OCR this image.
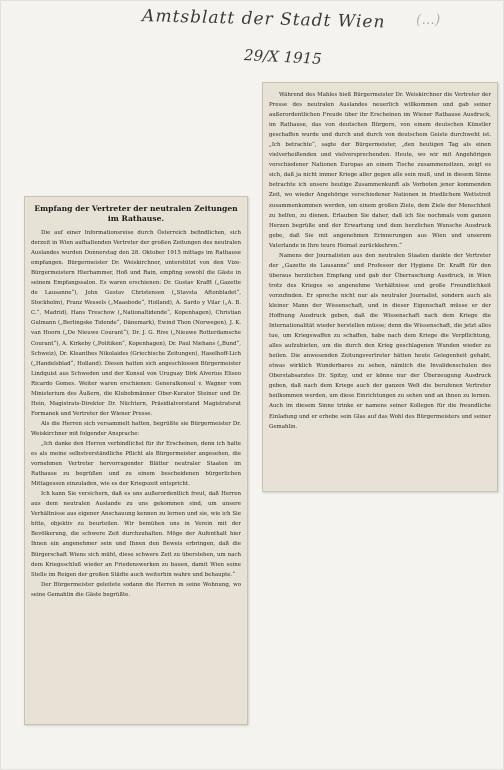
Amtsblatt der Stadt Wien	(...)
29/X 1915
Empfang der Vertreter der neutralen Zeitungen im Rathause.

Die auf einer Informationsreise durch Österreich befindlichen, sich derzeit in Wien aufhaltenden Vertreter der großen Zeitungen des neutralen Auslandes wurden Donnerstag den 28. Oktober 1915 mittags im Rathause empfangen. Bürgermeister Dr. Weiskirchner, unterstützt von den Vize-Bürgermeistern Hierhammer, Hoß und Rain, empfing sowohl die Gäste in seinem Empfangssalon. Es waren erschienen: Dr. Gustav Krafft („Gazette de Lausanne“), John Gustav Christensen („Stavsta Aftonbladet“, Stockholm), Franz Wessels („Maasbode“, Holland), A. Sardo y Vilar („A. B. C.“, Madrid), Hans Treschow („Nationaltidende“, Kopenhagen), Christian Gulmann („Berlingske Tidende“, Dänemark), Ewind Thon (Norwegen), J. K. van Hoorn („De Nieuwe Courant“), Dr. J. G. Rive („Nieuwe Rotterdamsche Courant“), A. Kirkeby („Politiken“, Kopenhagen), Dr. Paul Niehans („Bund“, Schweiz), Dr. Kleanthes Nikolaides (Griechische Zeitungen), Haselhoff-Lich („Handelsblad“, Holland). Diesen hatten sich angeschlossen Bürgermeister Lindquist aus Schweden und der Konsul von Uruguay Dirk Alverius Eliseo Ricardo Gomes. Weiter waren erschienen: Generalkonsul v. Wagner vom Ministerium des Äußern, die Klubobmänner Ober-Kurator Steiner und Dr. Hein, Magistrats-Direktor Dr. Nüchtern, Präsidialvorstand Magistratsrat Formanek und Vertreter der Wiener Presse.

Als die Herren sich versammelt hatten, begrüßte sie Bürgermeister Dr. Weiskirchner mit folgender Ansprache:

„Ich danke den Herren verbindlichst für ihr Erscheinen, denn ich halte es als meine selbstverständliche Pflicht als Bürgermeister angesehen, die vornehmen Vertreter hervorragender Blätter neutraler Staaten im Rathause zu begrüßen und zu einem bescheidenen bürgerlichen Mittagessen einzuladen, wie es der Kriegszeit entspricht.

Ich kann Sie versichern, daß es uns außerordentlich freut, daß Herren aus dem neutralen Auslande zu uns gekommen sind, um unsere Verhältnisse aus eigener Anschauung kennen zu lernen und sie, wie ich Sie bitte, objektiv zu beurteilen. Wir bemühen uns in Verein mit der Bevölkerung, die schwere Zeit durchzuhalten. Möge der Aufenthalt hier Ihnen ein angenehmer sein und Ihnen den Beweis erbringen, daß die Bürgerschaft Wiens sich müht, diese schwere Zeit zu überstehen, um nach dem Kriegsschluß wieder an Friedenswerken zu bauen, damit Wien seine Stelle im Reigen der großen Städte auch weiterhin wahre und behaupte.“

Der Bürgermeister geleitete sodann die Herren in seine Wohnung, wo seine Gemahlin die Gäste begrüßte.

Während des Mahles hieß Bürgermeister Dr. Weiskirchner die Vertreter der Presse des neutralen Auslandes neuerlich willkommen und gab seiner außerordentlichen Freude über ihr Erscheinen im Wiener Rathause Ausdruck, im Rathause, das von deutschen Bürgern, von einem deutschen Künstler geschaffen wurde und durch und durch von deutschem Geiste durchweht ist. „Ich betrachte“, sagte der Bürgermeister, „den heutigen Tag als einen vielverheißenden und vielversprechenden. Heute, wo wir mit Angehörigen verschiedener Nationen Europas an einem Tische zusammensitzen, zeigt es sich, daß ja nicht immer Kriege aller gegen alle sein muß, und in diesem Sinne betrachte ich unsere heutige Zusammenkunft als Vorboten jener kommenden Zeit, wo wieder Angehörige verschiedener Nationen in friedlichem Wettstreit zusammenkommen werden, um einem großen Ziele, dem Ziele der Menschheit zu helfen, zu dienen. Erlauben Sie daher, daß ich Sie nochmals vom ganzen Herzen begrüße und der Erwartung und dem herzlichen Wunsche Ausdruck gebe, daß Sie mit angenehmen Erinnerungen aus Wien und unserem Vaterlande in Ihre teure Heimat zurückkehren.“

Namens der Journalisten aus den neutralen Staaten dankte der Vertreter der „Gazette de Lausanne“ und Professor der Hygiene Dr. Krafft für den überaus herzlichen Empfang und gab der Überraschung Ausdruck, in Wien trotz des Krieges so angenehme Verhältnisse und große Freundlichkeit vorzufinden. Er spreche nicht nur als neutraler Journalist, sondern auch als kleiner Mann der Wissenschaft, und in dieser Eigenschaft müsse er der Hoffnung Ausdruck geben, daß die Wissenschaft nach dem Kriege die Internationalität wieder herstellen müsse; denn die Wissenschaft, die jetzt alles tue, um Kriegswaffen zu schaffen, habe nach dem Kriege die Verpflichtung, alles aufzubieten, um die durch den Krieg geschlagenen Wunden wieder zu heilen. Die anwesenden Zeitungsvertreter hätten heute Gelegenheit gehabt, etwas wirklich Wunderbares zu sehen, nämlich die Invalidenschulen des Oberstabsarztes Dr. Spitzy, und er könne nur der Überzeugung Ausdruck geben, daß nach dem Kriege auch der ganzen Welt die berufenen Vertreter heilkommen werden, um diese Einrichtungen zu sehen und an ihnen zu lernen. Auch im diesem Sinne trinke er namens seiner Kollegen für die freundliche Einladung und er erhebe sein Glas auf das Wohl des Bürgermeisters und seiner Gemahlin.
